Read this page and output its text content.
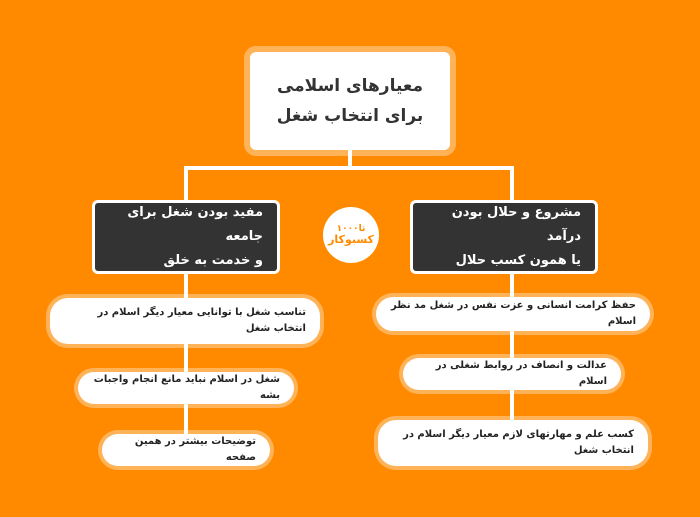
معیارهای اسلامی
برای انتخاب شغل
مشروع و حلال بودن درآمد
یا همون کسب حلال
مفید بودن شغل برای جامعه
و خدمت به خلق
تا۱۰۰۰
کسبوکار
حفظ کرامت انسانی و عزت نفس در شغل مد نظر اسلام
عدالت و انصاف در روابط شغلی در اسلام
کسب علم و مهارتهای لازم معیار دیگر اسلام در انتخاب شغل
تناسب شغل با توانایی معیار دیگر اسلام در انتخاب شغل
شغل در اسلام نباید مانع انجام واجبات بشه
توضیحات بیشتر در همین صفحه
